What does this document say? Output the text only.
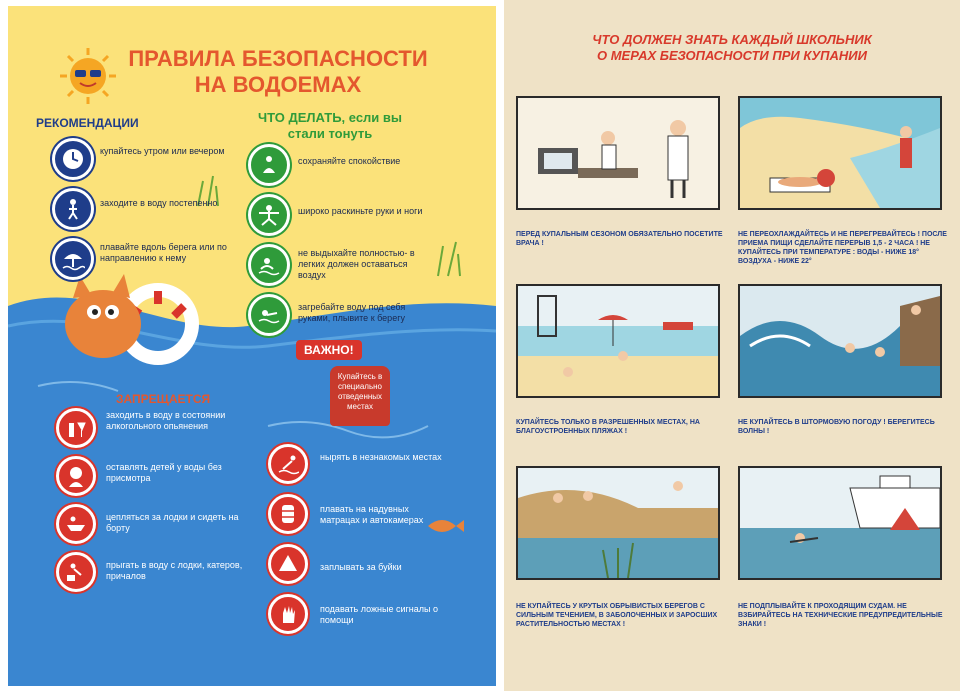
ПРАВИЛА БЕЗОПАСНОСТИ НА ВОДОЕМАХ
РЕКОМЕНДАЦИИ
купайтесь утром или вечером
заходите в воду постепенно
плавайте вдоль берега или по направлению к нему
ЧТО ДЕЛАТЬ, если вы стали тонуть
сохраняйте спокойствие
широко раскиньте руки и ноги
не выдыхайте полностью- в легких должен оставаться воздух
загребайте воду под себя руками, плывите к берегу
ВАЖНО!
Купайтесь в специально отведенных местах
ЗАПРЕЩАЕТСЯ
заходить в воду в состоянии алкогольного опьянения
оставлять детей у воды без присмотра
цепляться за лодки и сидеть на борту
прыгать в воду с лодки, катеров, причалов
нырять в незнакомых местах
плавать на надувных матрацах и автокамерах
заплывать за буйки
подавать ложные сигналы о помощи
ЧТО ДОЛЖЕН ЗНАТЬ КАЖДЫЙ ШКОЛЬНИК
О МЕРАХ БЕЗОПАСНОСТИ ПРИ КУПАНИИ
ПЕРЕД КУПАЛЬНЫМ СЕЗОНОМ ОБЯЗАТЕЛЬНО ПОСЕТИТЕ ВРАЧА !
НЕ ПЕРЕОХЛАЖДАЙТЕСЬ И НЕ ПЕРЕГРЕВАЙТЕСЬ ! ПОСЛЕ ПРИЕМА ПИЩИ СДЕЛАЙТЕ ПЕРЕРЫВ 1,5 - 2 ЧАСА ! НЕ КУПАЙТЕСЬ ПРИ ТЕМПЕРАТУРЕ : ВОДЫ - НИЖЕ 18° ВОЗДУХА - НИЖЕ 22°
КУПАЙТЕСЬ ТОЛЬКО В РАЗРЕШЕННЫХ МЕСТАХ, НА БЛАГОУСТРОЕННЫХ ПЛЯЖАХ !
НЕ КУПАЙТЕСЬ В ШТОРМОВУЮ ПОГОДУ ! БЕРЕГИТЕСЬ ВОЛНЫ !
НЕ КУПАЙТЕСЬ У КРУТЫХ ОБРЫВИСТЫХ БЕРЕГОВ С СИЛЬНЫМ ТЕЧЕНИЕМ, В ЗАБОЛОЧЕННЫХ И ЗАРОСШИХ РАСТИТЕЛЬНОСТЬЮ МЕСТАХ !
НЕ ПОДПЛЫВАЙТЕ К ПРОХОДЯЩИМ СУДАМ. НЕ ВЗБИРАЙТЕСЬ НА ТЕХНИЧЕСКИЕ ПРЕДУПРЕДИТЕЛЬНЫЕ ЗНАКИ !
